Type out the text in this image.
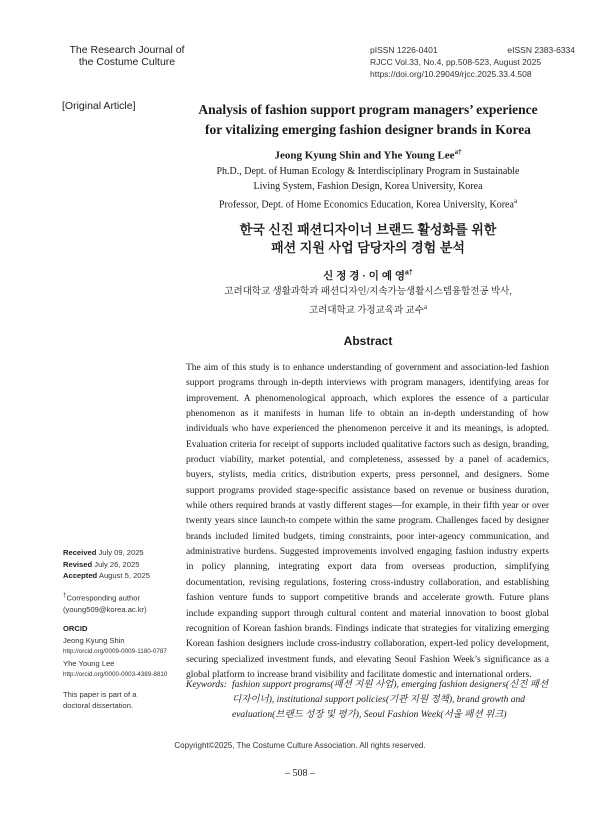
The Research Journal of
the Costume Culture
pISSN 1226-0401	eISSN 2383-6334
RJCC Vol.33, No.4, pp.508-523, August 2025
https://doi.org/10.29049/rjcc.2025.33.4.508
[Original Article]	Analysis of fashion support program managers’ experience
for vitalizing emerging fashion designer brands in Korea
Jeong Kyung Shin and Yhe Young Lee$^{a\dagger}$
Ph.D., Dept. of Human Ecology & Interdisciplinary Program in Sustainable
Living System, Fashion Design, Korea University, Korea
Professor, Dept. of Home Economics Education, Korea University, Korea$^a$
한국 신진 패션디자이너 브랜드 활성화를 위한
패션 지원 사업 담당자의 경험 분석
신 정 경 · 이 예 영$^{a\dagger}$
고려대학교 생활과학과 패션디자인/지속가능생활시스템융합전공 박사,
고려대학교 가정교육과 교수$^a$
Abstract
The aim of this study is to enhance understanding of government and association-led fashion support programs through in-depth interviews with program managers, identifying areas for improvement. A phenomenological approach, which explores the essence of a particular phenomenon as it manifests in human life to obtain an in-depth understanding of how individuals who have experienced the phenomenon perceive it and its meanings, is adopted. Evaluation criteria for receipt of supports included qualitative factors such as design, branding, product viability, market potential, and completeness, assessed by a panel of academics, buyers, stylists, media critics, distribution experts, press personnel, and designers. Some support programs provided stage-specific assistance based on revenue or business duration, while others required brands at vastly different stages—for example, in their fifth year or over twenty years since launch-to compete within the same program. Challenges faced by designer brands included limited budgets, timing constraints, poor inter-agency communication, and administrative burdens. Suggested improvements involved engaging fashion industry experts in policy planning, integrating export data from overseas production, simplifying documentation, revising regulations, fostering cross-industry collaboration, and establishing fashion venture funds to support competitive brands and accelerate growth. Future plans include expanding support through cultural content and material innovation to boost global recognition of Korean fashion brands. Findings indicate that strategies for vitalizing emerging Korean fashion designers include cross-industry collaboration, expert-led policy development, securing specialized investment funds, and elevating Seoul Fashion Week’s significance as a global platform to increase brand visibility and facilitate domestic and international orders.
Keywords: fashion support programs(패션 지원 사업), emerging fashion designers(신진 패션디자이너), institutional support policies(기관 지원 정책), brand growth and evaluation(브랜드 성장 및 평가), Seoul Fashion Week(서울 패션 위크)
Received July 09, 2025
Revised July 26, 2025
Accepted August 5, 2025
†Corresponding author
(young509@korea.ac.kr)
ORCID
Jeong Kyung Shin
http://orcid.org/0009-0009-1180-0787
Yhe Young Lee
http://orcid.org/0000-0003-4389-8810
This paper is part of a
doctoral dissertation.
Copyright©2025, The Costume Culture Association. All rights reserved.
– 508 –
